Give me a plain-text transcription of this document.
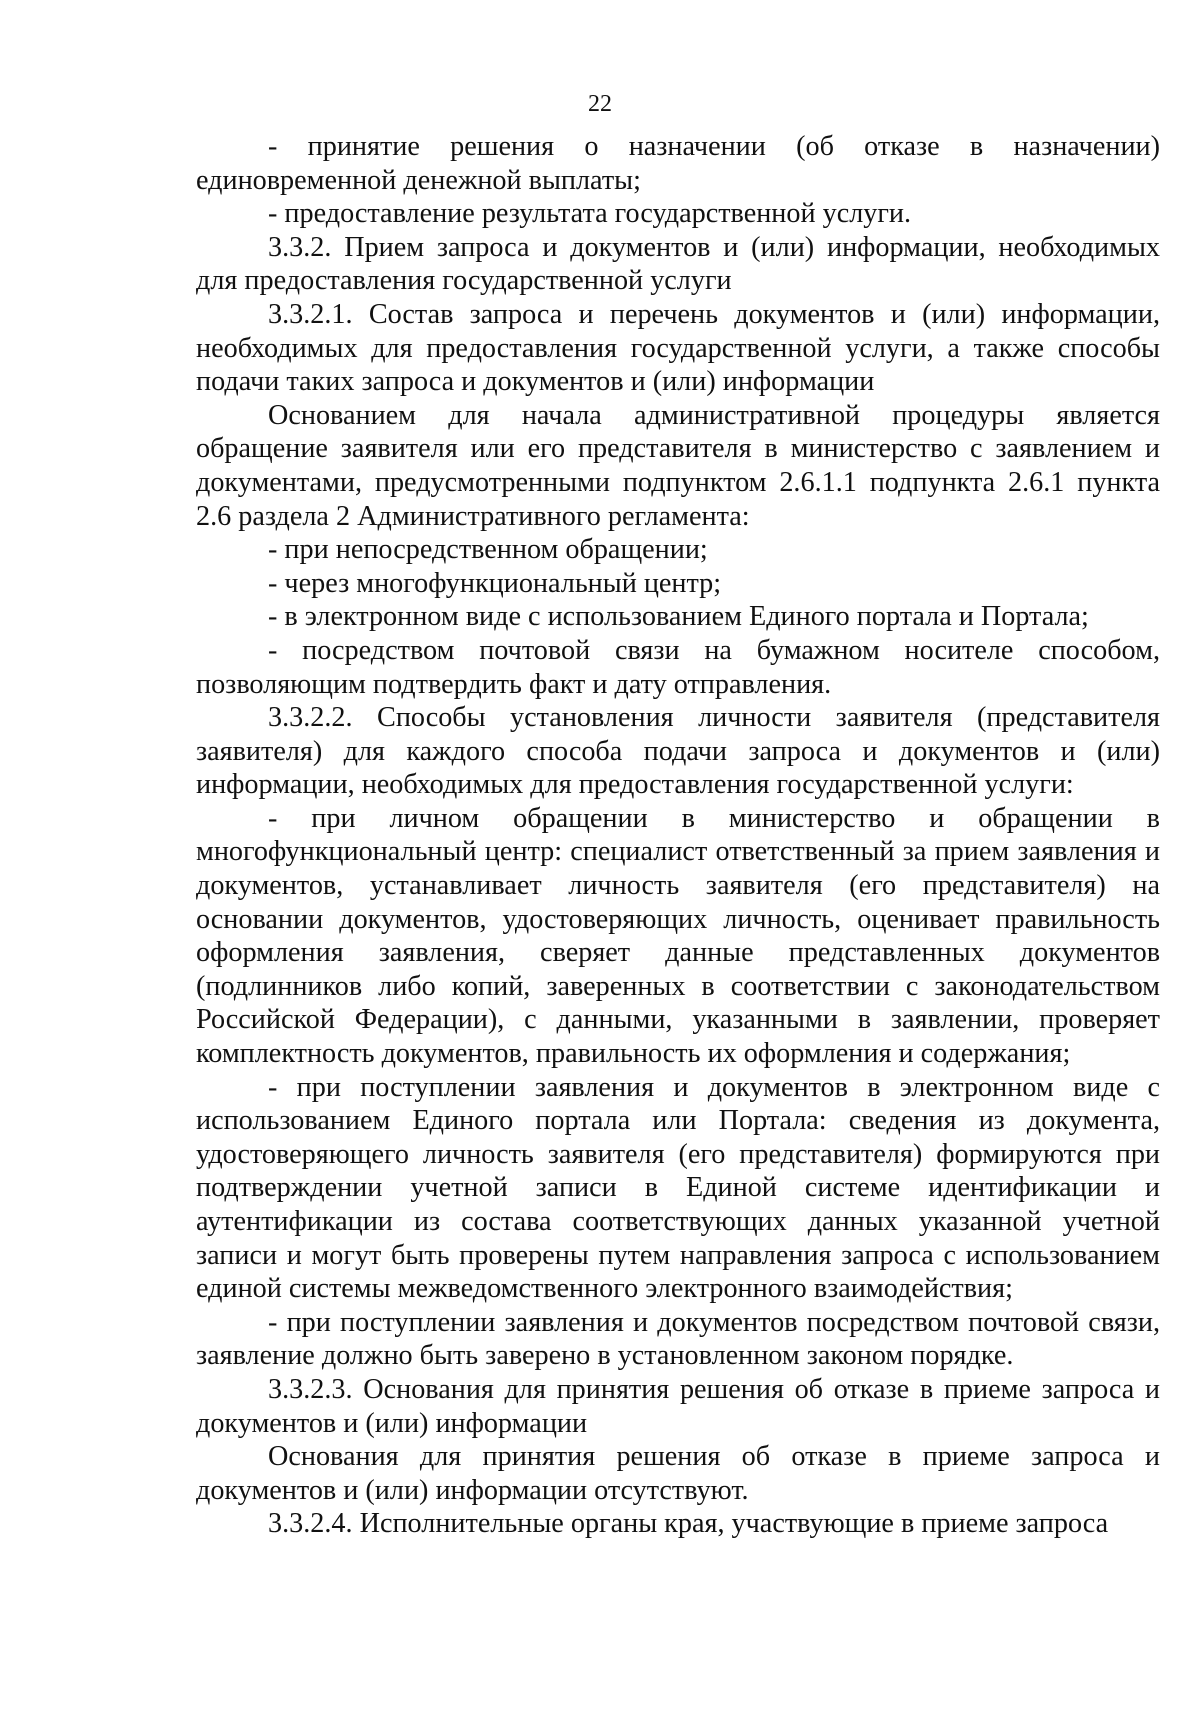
22

- принятие решения о назначении (об отказе в назначении) единовременной денежной выплаты;

- предоставление результата государственной услуги.

3.3.2. Прием запроса и документов и (или) информации, необходимых для предоставления государственной услуги

3.3.2.1. Состав запроса и перечень документов и (или) информации, необходимых для предоставления государственной услуги, а также способы подачи таких запроса и документов и (или) информации

Основанием для начала административной процедуры является обращение заявителя или его представителя в министерство с заявлением и документами, предусмотренными подпунктом 2.6.1.1 подпункта 2.6.1 пункта 2.6 раздела 2 Административного регламента:

- при непосредственном обращении;

- через многофункциональный центр;

- в электронном виде с использованием Единого портала и Портала;

- посредством почтовой связи на бумажном носителе способом, позволяющим подтвердить факт и дату отправления.

3.3.2.2. Способы установления личности заявителя (представителя заявителя) для каждого способа подачи запроса и документов и (или) информации, необходимых для предоставления государственной услуги:

- при личном обращении в министерство и обращении в многофункциональный центр: специалист ответственный за прием заявления и документов, устанавливает личность заявителя (его представителя) на основании документов, удостоверяющих личность, оценивает правильность оформления заявления, сверяет данные представленных документов (подлинников либо копий, заверенных в соответствии с законодательством Российской Федерации), с данными, указанными в заявлении, проверяет комплектность документов, правильность их оформления и содержания;

- при поступлении заявления и документов в электронном виде с использованием Единого портала или Портала: сведения из документа, удостоверяющего личность заявителя (его представителя) формируются при подтверждении учетной записи в Единой системе идентификации и аутентификации из состава соответствующих данных указанной учетной записи и могут быть проверены путем направления запроса с использованием единой системы межведомственного электронного взаимодействия;

- при поступлении заявления и документов посредством почтовой связи, заявление должно быть заверено в установленном законом порядке.

3.3.2.3. Основания для принятия решения об отказе в приеме запроса и документов и (или) информации

Основания для принятия решения об отказе в приеме запроса и документов и (или) информации отсутствуют.

3.3.2.4. Исполнительные органы края, участвующие в приеме запроса
